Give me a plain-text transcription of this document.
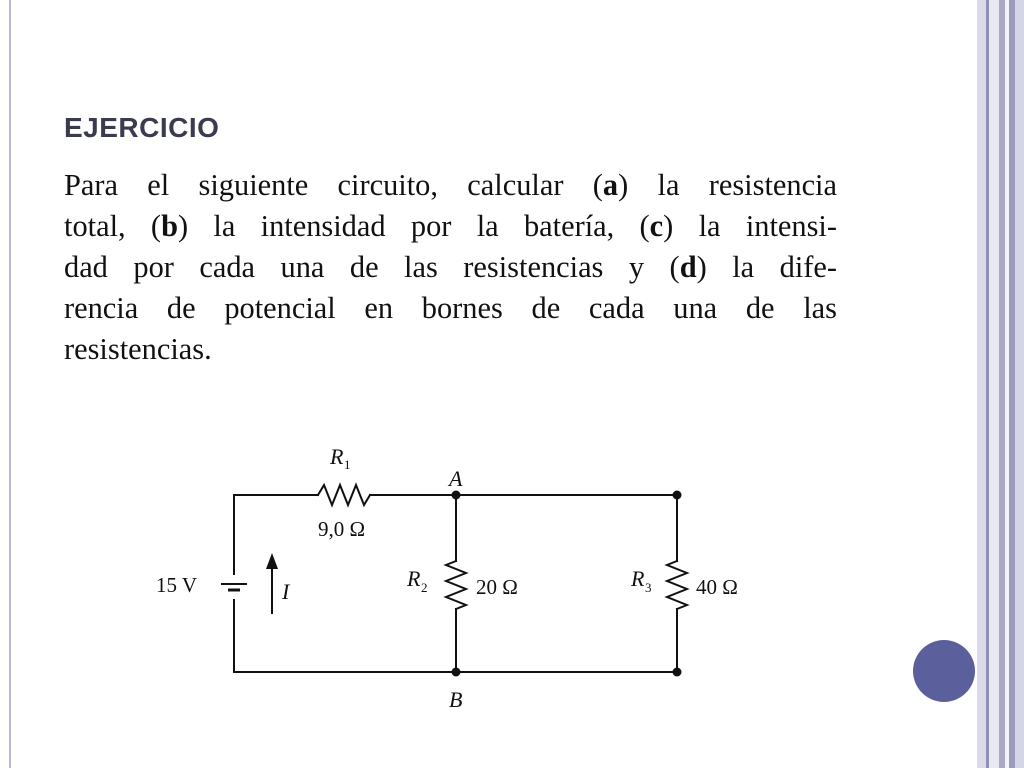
EJERCICIO
Para el siguiente circuito, calcular (a) la resistencia
total, (b) la intensidad por la batería, (c) la intensi-
dad por cada una de las resistencias y (d) la dife-
rencia de potencial en bornes de cada una de las
resistencias.
R 1
9,0 Ω
A
B
15 V	I
R 2 20 Ω	R 3 40 Ω
